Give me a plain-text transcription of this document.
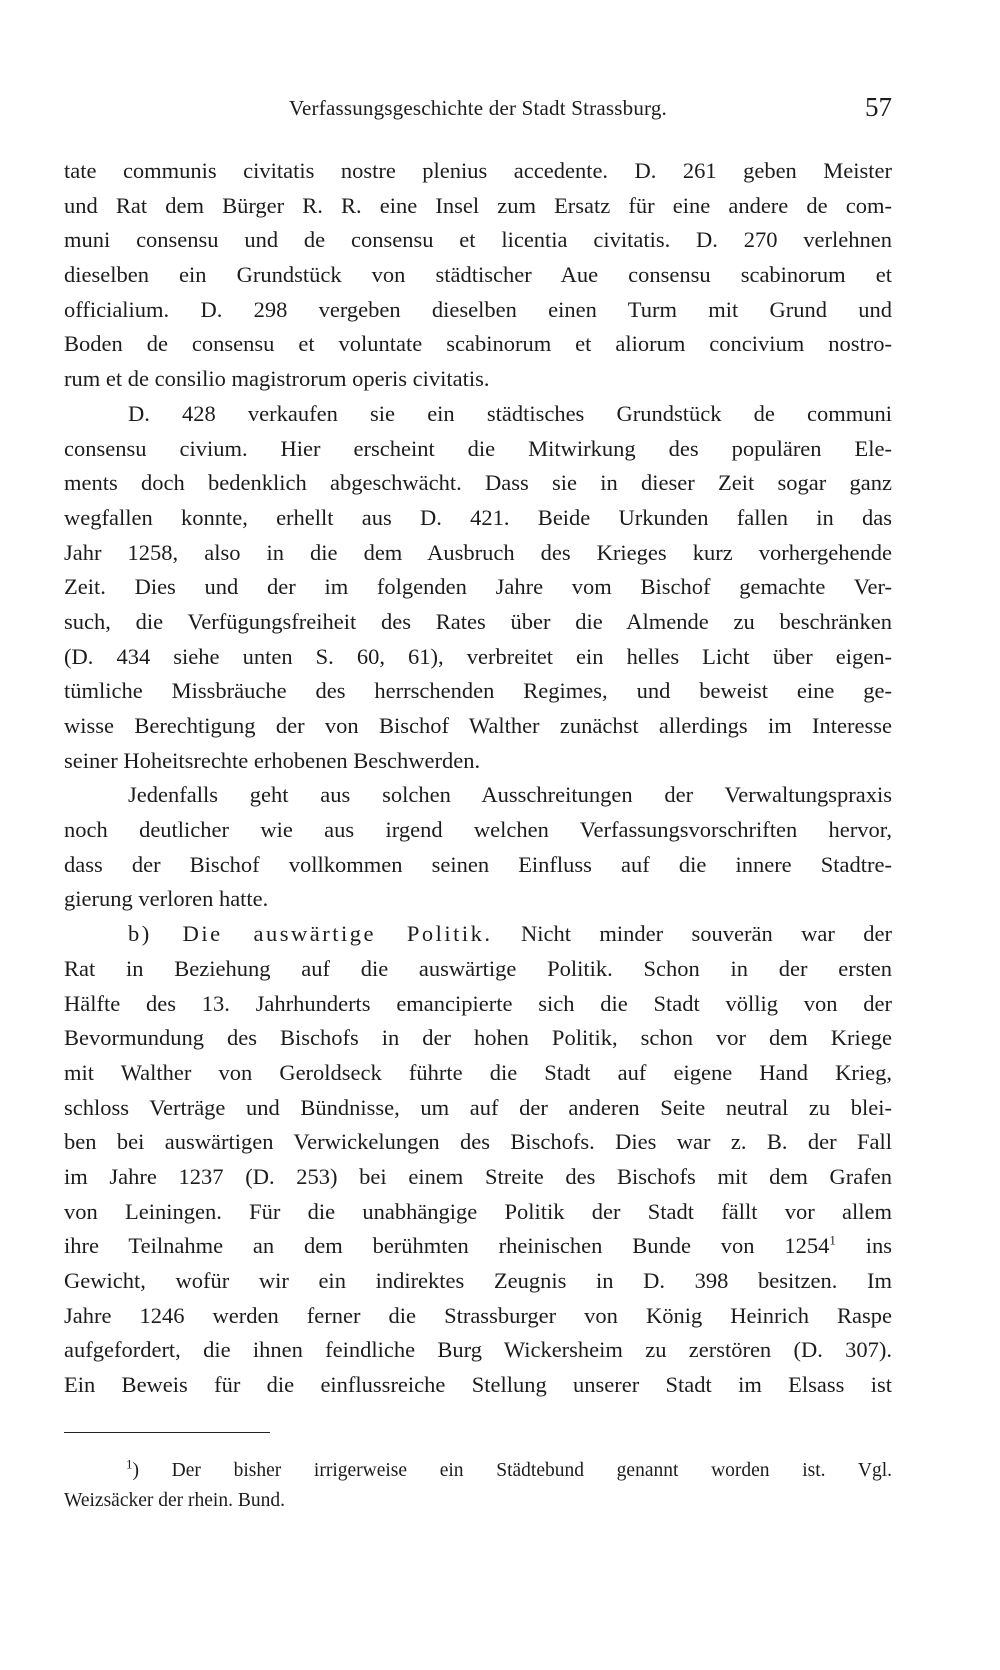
Verfassungsgeschichte der Stadt Strassburg.	57
tate communis civitatis nostre plenius accedente. D. 261 geben Meister
und Rat dem Bürger R. R. eine Insel zum Ersatz für eine andere de com-
muni consensu und de consensu et licentia civitatis. D. 270 verlehnen
dieselben ein Grundstück von städtischer Aue consensu scabinorum et
officialium. D. 298 vergeben dieselben einen Turm mit Grund und
Boden de consensu et voluntate scabinorum et aliorum concivium nostro-
rum et de consilio magistrorum operis civitatis.
D. 428 verkaufen sie ein städtisches Grundstück de communi
consensu civium. Hier erscheint die Mitwirkung des populären Ele-
ments doch bedenklich abgeschwächt. Dass sie in dieser Zeit sogar ganz
wegfallen konnte, erhellt aus D. 421. Beide Urkunden fallen in das
Jahr 1258, also in die dem Ausbruch des Krieges kurz vorhergehende
Zeit. Dies und der im folgenden Jahre vom Bischof gemachte Ver-
such, die Verfügungsfreiheit des Rates über die Almende zu beschränken
(D. 434 siehe unten S. 60, 61), verbreitet ein helles Licht über eigen-
tümliche Missbräuche des herrschenden Regimes, und beweist eine ge-
wisse Berechtigung der von Bischof Walther zunächst allerdings im Interesse
seiner Hoheitsrechte erhobenen Beschwerden.
Jedenfalls geht aus solchen Ausschreitungen der Verwaltungspraxis
noch deutlicher wie aus irgend welchen Verfassungsvorschriften hervor,
dass der Bischof vollkommen seinen Einfluss auf die innere Stadtre-
gierung verloren hatte.
b) Die auswärtige Politik. Nicht minder souverän war der
Rat in Beziehung auf die auswärtige Politik. Schon in der ersten
Hälfte des 13. Jahrhunderts emancipierte sich die Stadt völlig von der
Bevormundung des Bischofs in der hohen Politik, schon vor dem Kriege
mit Walther von Geroldseck führte die Stadt auf eigene Hand Krieg,
schloss Verträge und Bündnisse, um auf der anderen Seite neutral zu blei-
ben bei auswärtigen Verwickelungen des Bischofs. Dies war z. B. der Fall
im Jahre 1237 (D. 253) bei einem Streite des Bischofs mit dem Grafen
von Leiningen. Für die unabhängige Politik der Stadt fällt vor allem
ihre Teilnahme an dem berühmten rheinischen Bunde von 1254$^1$ ins
Gewicht, wofür wir ein indirektes Zeugnis in D. 398 besitzen. Im
Jahre 1246 werden ferner die Strassburger von König Heinrich Raspe
aufgefordert, die ihnen feindliche Burg Wickersheim zu zerstören (D. 307).
Ein Beweis für die einflussreiche Stellung unserer Stadt im Elsass ist
$^1$) Der bisher irrigerweise ein Städtebund genannt worden ist. Vgl.
Weizsäcker der rhein. Bund.
